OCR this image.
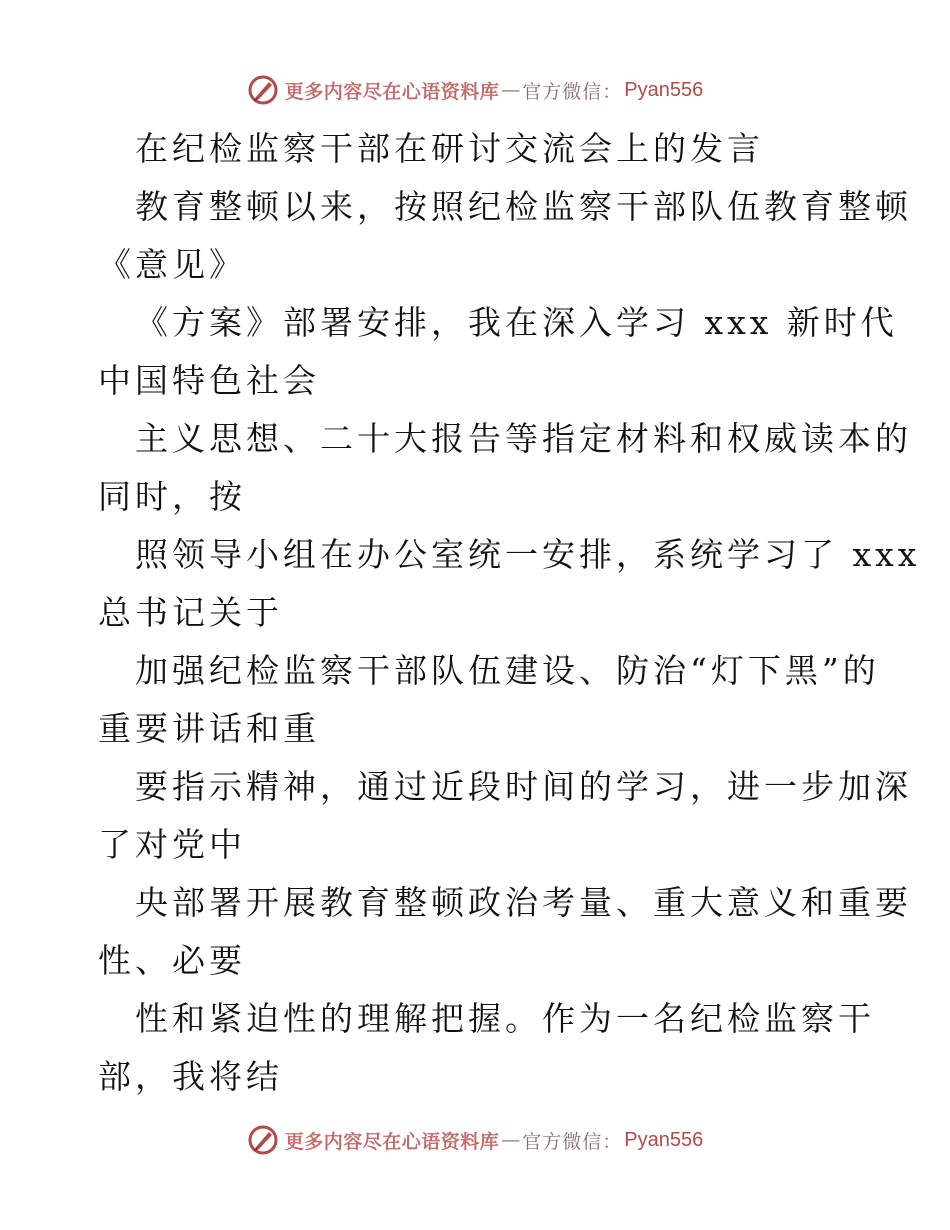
更多内容尽在心语资料库 — 官方微信： Pyan556
在纪检监察干部在研讨交流会上的发言
教育整顿以来，按照纪检监察干部队伍教育整顿
《意见》
《方案》部署安排，我在深入学习 xxx 新时代
中国特色社会
主义思想、二十大报告等指定材料和权威读本的
同时，按
照领导小组在办公室统一安排，系统学习了 xxx
总书记关于
加强纪检监察干部队伍建设、防治“灯下黑”的
重要讲话和重
要指示精神，通过近段时间的学习，进一步加深
了对党中
央部署开展教育整顿政治考量、重大意义和重要
性、必要
性和紧迫性的理解把握。作为一名纪检监察干
部，我将结
更多内容尽在心语资料库 — 官方微信： Pyan556
